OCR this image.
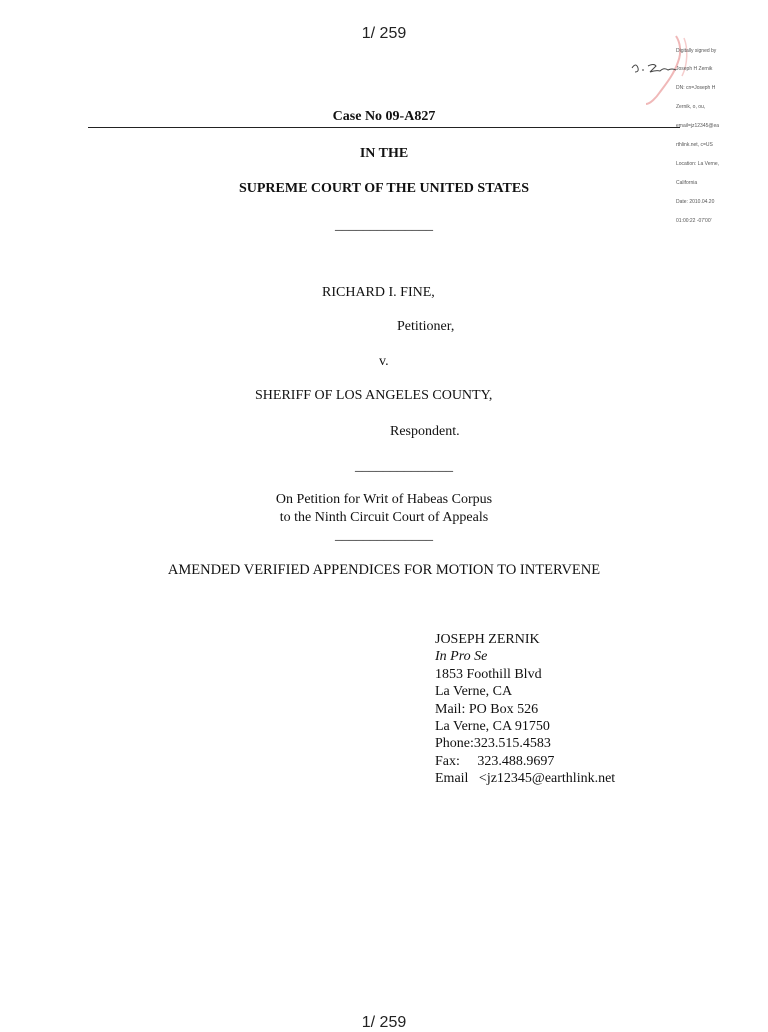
1/ 259

Digitally signed by

Joseph H Zernik

DN: cn=Joseph H

Zernik, o, ou,

email=jz12345@ea

rthlink.net, c=US

Location: La Verne,

California

Date: 2010.04.20

01:00:22 -07'00'

Case No 09-A827
IN THE
SUPREME COURT OF THE UNITED STATES
______________
RICHARD I. FINE,
Petitioner,
v.
SHERIFF OF LOS ANGELES COUNTY,
Respondent.
______________
On Petition for Writ of Habeas Corpus
to the Ninth Circuit Court of Appeals
______________
AMENDED VERIFIED APPENDICES FOR MOTION TO INTERVENE
JOSEPH ZERNIK
In Pro Se
1853 Foothill Blvd
La Verne, CA
Mail: PO Box 526
La Verne, CA 91750
Phone:323.515.4583
Fax:     323.488.9697
Email   <jz12345@earthlink.net
1/ 259
